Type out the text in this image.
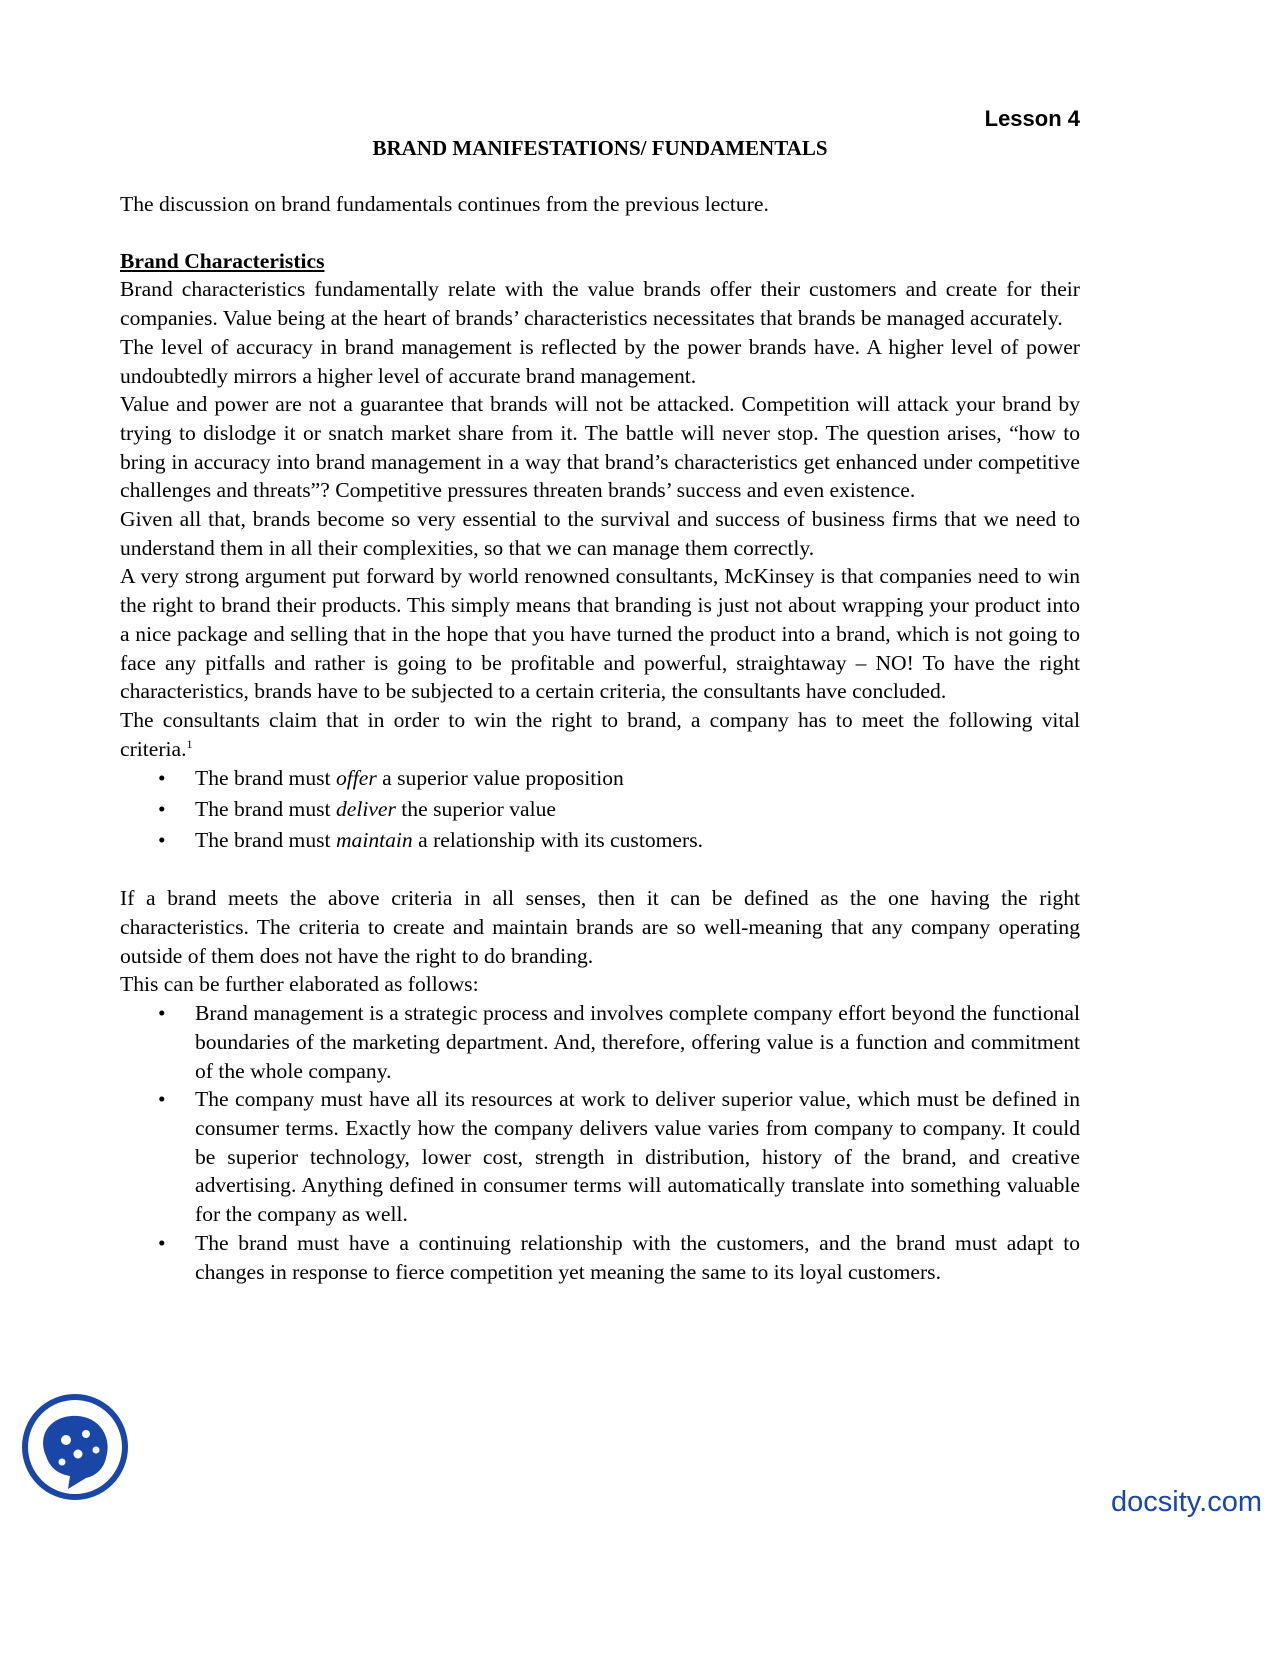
Lesson 4
BRAND MANIFESTATIONS/ FUNDAMENTALS

The discussion on brand fundamentals continues from the previous lecture.

Brand Characteristics

Brand characteristics fundamentally relate with the value brands offer their customers and create for their companies. Value being at the heart of brands’ characteristics necessitates that brands be managed accurately.

The level of accuracy in brand management is reflected by the power brands have. A higher level of power undoubtedly mirrors a higher level of accurate brand management.

Value and power are not a guarantee that brands will not be attacked. Competition will attack your brand by trying to dislodge it or snatch market share from it. The battle will never stop. The question arises, “how to bring in accuracy into brand management in a way that brand’s characteristics get enhanced under competitive challenges and threats”? Competitive pressures threaten brands’ success and even existence.

Given all that, brands become so very essential to the survival and success of business firms that we need to understand them in all their complexities, so that we can manage them correctly.

A very strong argument put forward by world renowned consultants, McKinsey is that companies need to win the right to brand their products. This simply means that branding is just not about wrapping your product into a nice package and selling that in the hope that you have turned the product into a brand, which is not going to face any pitfalls and rather is going to be profitable and powerful, straightaway – NO! To have the right characteristics, brands have to be subjected to a certain criteria, the consultants have concluded.

The consultants claim that in order to win the right to brand, a company has to meet the following vital criteria.$^1$

• The brand must offer a superior value proposition
• The brand must deliver the superior value
• The brand must maintain a relationship with its customers.

If a brand meets the above criteria in all senses, then it can be defined as the one having the right characteristics. The criteria to create and maintain brands are so well-meaning that any company operating outside of them does not have the right to do branding.

This can be further elaborated as follows:

• Brand management is a strategic process and involves complete company effort beyond the functional boundaries of the marketing department. And, therefore, offering value is a function and commitment of the whole company.
• The company must have all its resources at work to deliver superior value, which must be defined in consumer terms. Exactly how the company delivers value varies from company to company. It could be superior technology, lower cost, strength in distribution, history of the brand, and creative advertising. Anything defined in consumer terms will automatically translate into something valuable for the company as well.
• The brand must have a continuing relationship with the customers, and the brand must adapt to changes in response to fierce competition yet meaning the same to its loyal customers.
docsity.com
